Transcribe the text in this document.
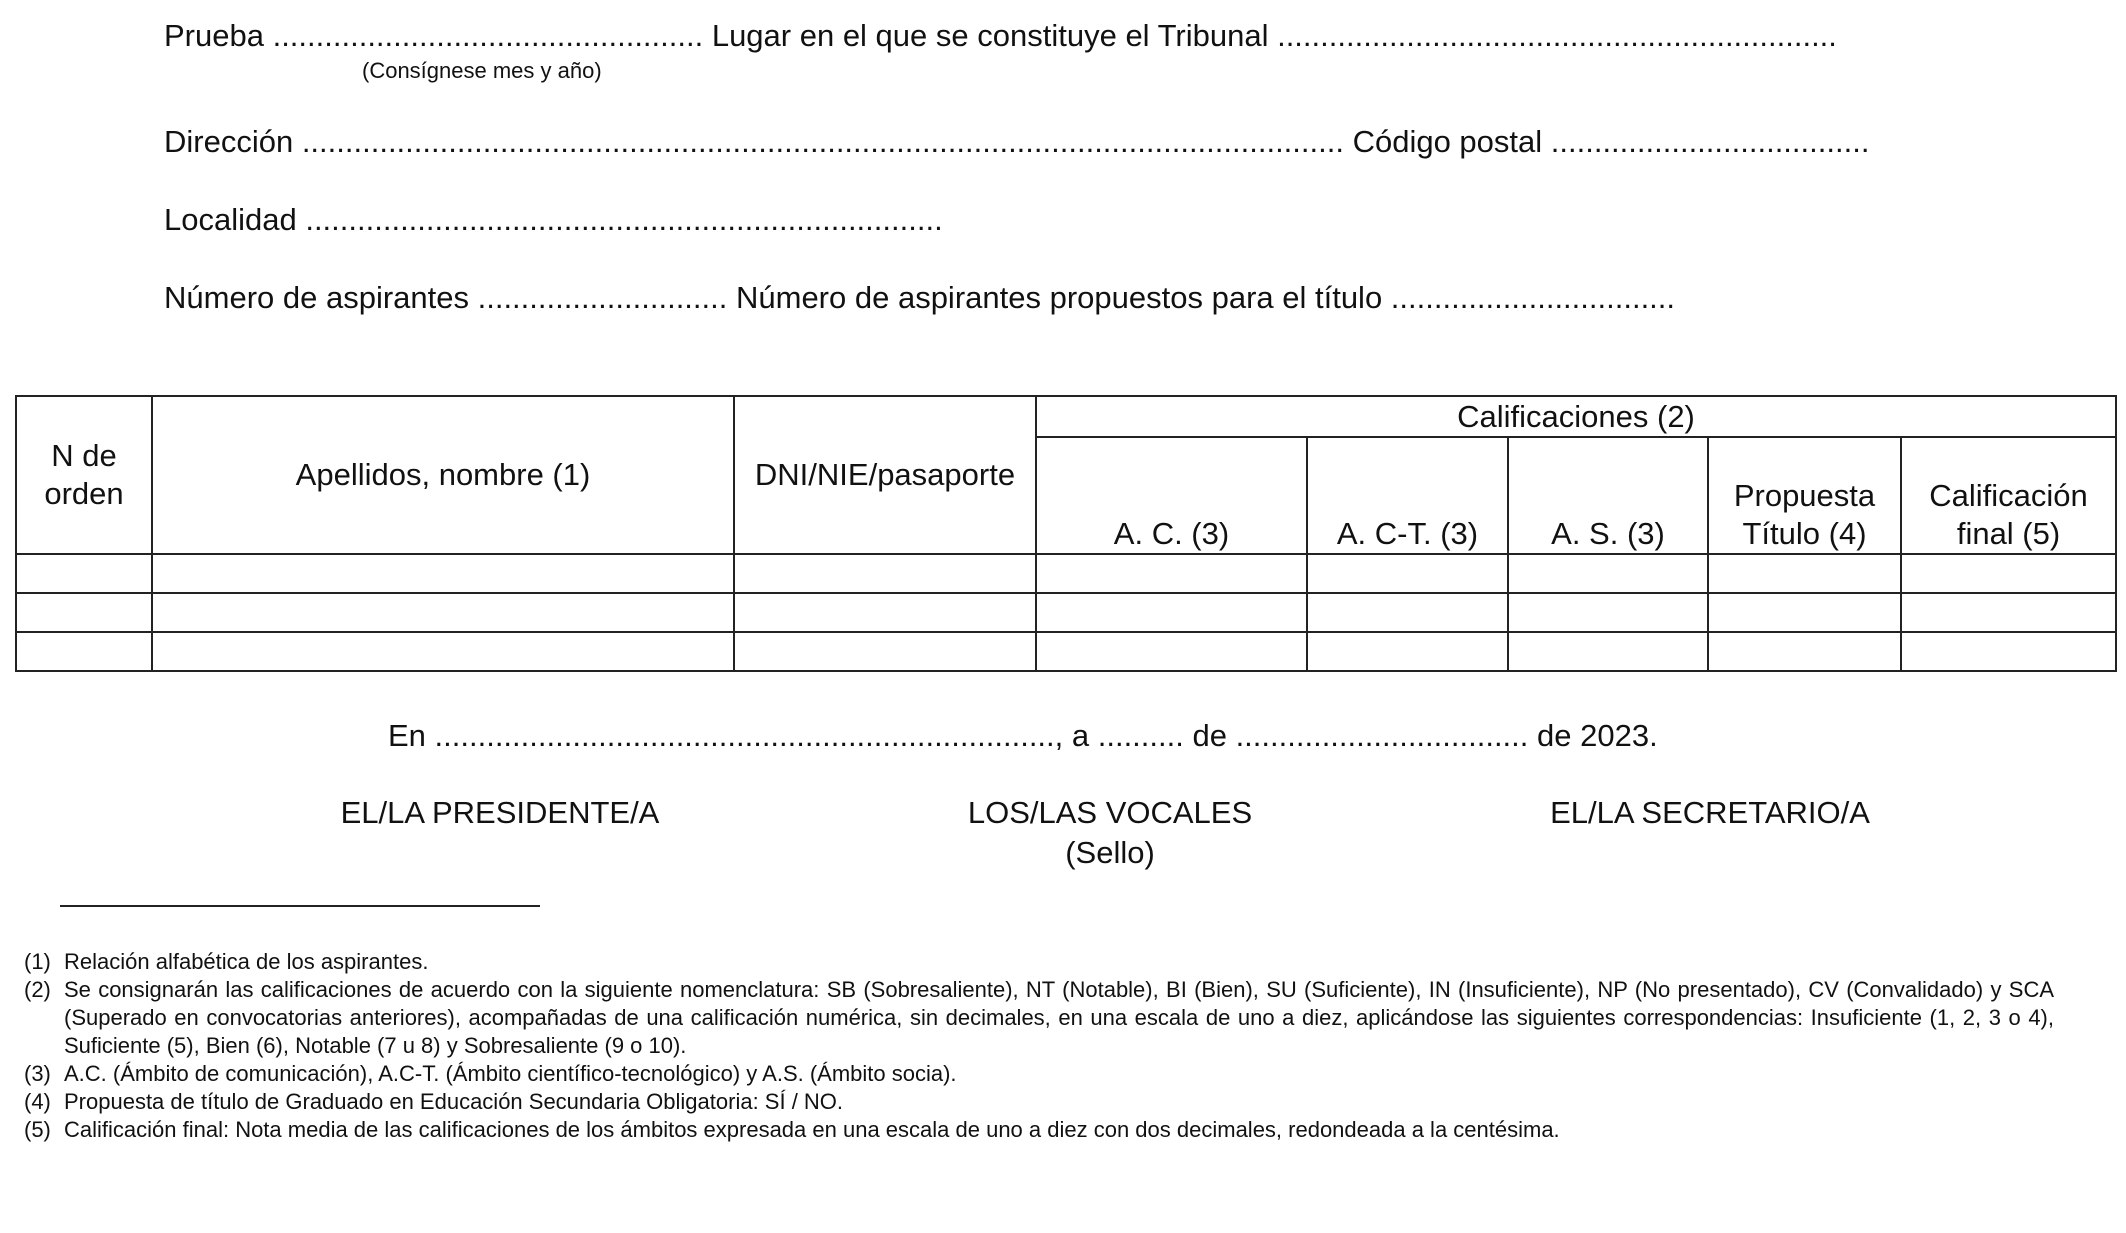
Prueba .................................................. Lugar en el que se constituye el Tribunal .................................................................
(Consígnese mes y año)
Dirección ......................................................................................................................... Código postal .....................................
Localidad ..........................................................................
Número de aspirantes ............................. Número de aspirantes propuestos para el título .................................
N de orden	Apellidos, nombre (1)	DNI/NIE/pasaporte	Calificaciones (2)				
			A. C. (3)	A. C-T. (3)	A. S. (3)	Propuesta Título (4)	Calificación final (5)

En ........................................................................, a .......... de .................................. de 2023.
EL/LA PRESIDENTE/A	LOS/LAS VOCALES
(Sello)
EL/LA SECRETARIO/A
(1) Relación alfabética de los aspirantes.
(2) Se consignarán las calificaciones de acuerdo con la siguiente nomenclatura: SB (Sobresaliente), NT (Notable), BI (Bien), SU (Suficiente), IN (Insuficiente), NP (No presentado), CV (Convalidado) y SCA (Superado en convocatorias anteriores), acompañadas de una calificación numérica, sin decimales, en una escala de uno a diez, aplicándose las siguientes correspondencias: Insuficiente (1, 2, 3 o 4), Suficiente (5), Bien (6), Notable (7 u 8) y Sobresaliente (9 o 10).
(3) A.C. (Ámbito de comunicación), A.C-T. (Ámbito científico-tecnológico) y A.S. (Ámbito socia).
(4) Propuesta de título de Graduado en Educación Secundaria Obligatoria: SÍ / NO.
(5) Calificación final: Nota media de las calificaciones de los ámbitos expresada en una escala de uno a diez con dos decimales, redondeada a la centésima.
